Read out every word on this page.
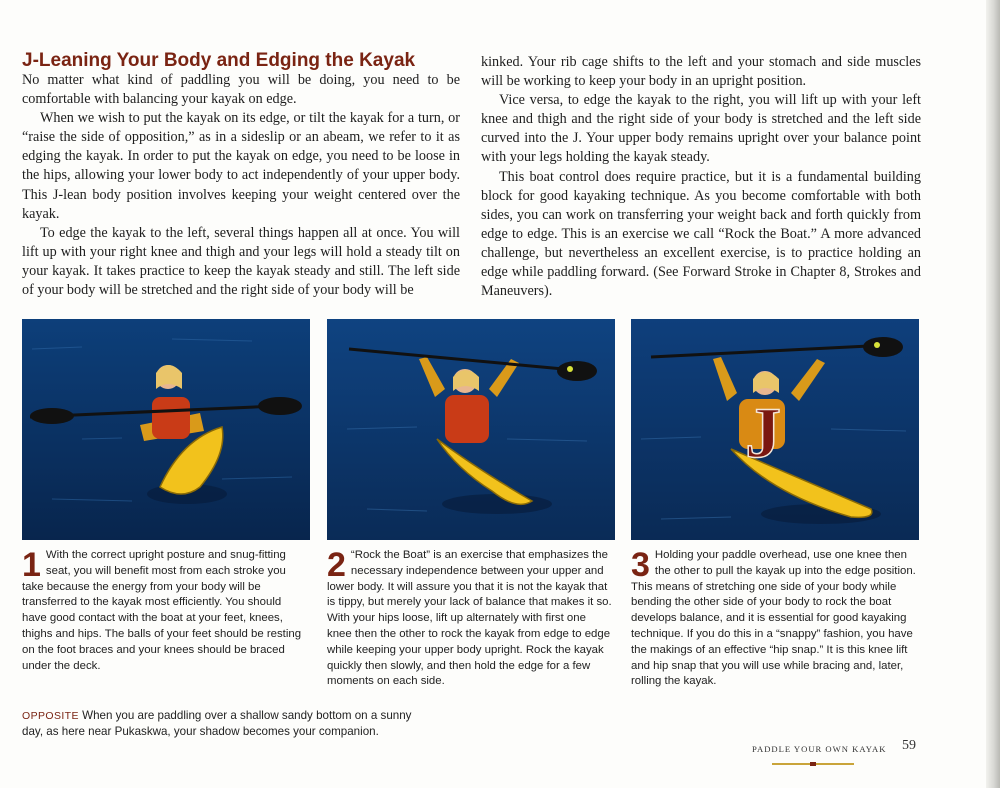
J-Leaning Your Body and Edging the Kayak

No matter what kind of paddling you will be doing, you need to be comfortable with balancing your kayak on edge.

When we wish to put the kayak on its edge, or tilt the kayak for a turn, or “raise the side of opposition,” as in a sideslip or an abeam, we refer to it as edging the kayak. In order to put the kayak on edge, you need to be loose in the hips, allowing your lower body to act independently of your upper body. This J-lean body position involves keeping your weight centered over the kayak.

To edge the kayak to the left, several things happen all at once. You will lift up with your right knee and thigh and your legs will hold a steady tilt on your kayak. It takes practice to keep the kayak steady and still. The left side of your body will be stretched and the right side of your body will be

kinked. Your rib cage shifts to the left and your stomach and side muscles will be working to keep your body in an upright position.

Vice versa, to edge the kayak to the right, you will lift up with your left knee and thigh and the right side of your body is stretched and the left side curved into the J. Your upper body remains upright over your balance point with your legs holding the kayak steady.

This boat control does require practice, but it is a fundamental building block for good kayaking technique. As you become comfortable with both sides, you can work on transferring your weight back and forth quickly from edge to edge. This is an exercise we call “Rock the Boat.” A more advanced challenge, but nevertheless an excellent exercise, is to practice holding an edge while paddling forward. (See Forward Stroke in Chapter 8, Strokes and Maneuvers).

J
1 With the correct upright posture and snug-fitting seat, you will benefit most from each stroke you take because the energy from your body will be transferred to the kayak most efficiently. You should have good contact with the boat at your feet, knees, thighs and hips. The balls of your feet should be resting on the foot braces and your knees should be braced under the deck.
2 “Rock the Boat” is an exercise that emphasizes the necessary independence between your upper and lower body. It will assure you that it is not the kayak that is tippy, but merely your lack of balance that makes it so. With your hips loose, lift up alternately with first one knee then the other to rock the kayak from edge to edge while keeping your upper body upright. Rock the kayak quickly then slowly, and then hold the edge for a few moments on each side.
3 Holding your paddle overhead, use one knee then the other to pull the kayak up into the edge position. This means of stretching one side of your body while bending the other side of your body to rock the boat develops balance, and it is essential for good kayaking technique. If you do this in a “snappy” fashion, you have the makings of an effective “hip snap.” It is this knee lift and hip snap that you will use while bracing and, later, rolling the kayak.
OPPOSITE When you are paddling over a shallow sandy bottom on a sunny day, as here near Pukaskwa, your shadow becomes your companion.
PADDLE YOUR OWN KAYAK 59
